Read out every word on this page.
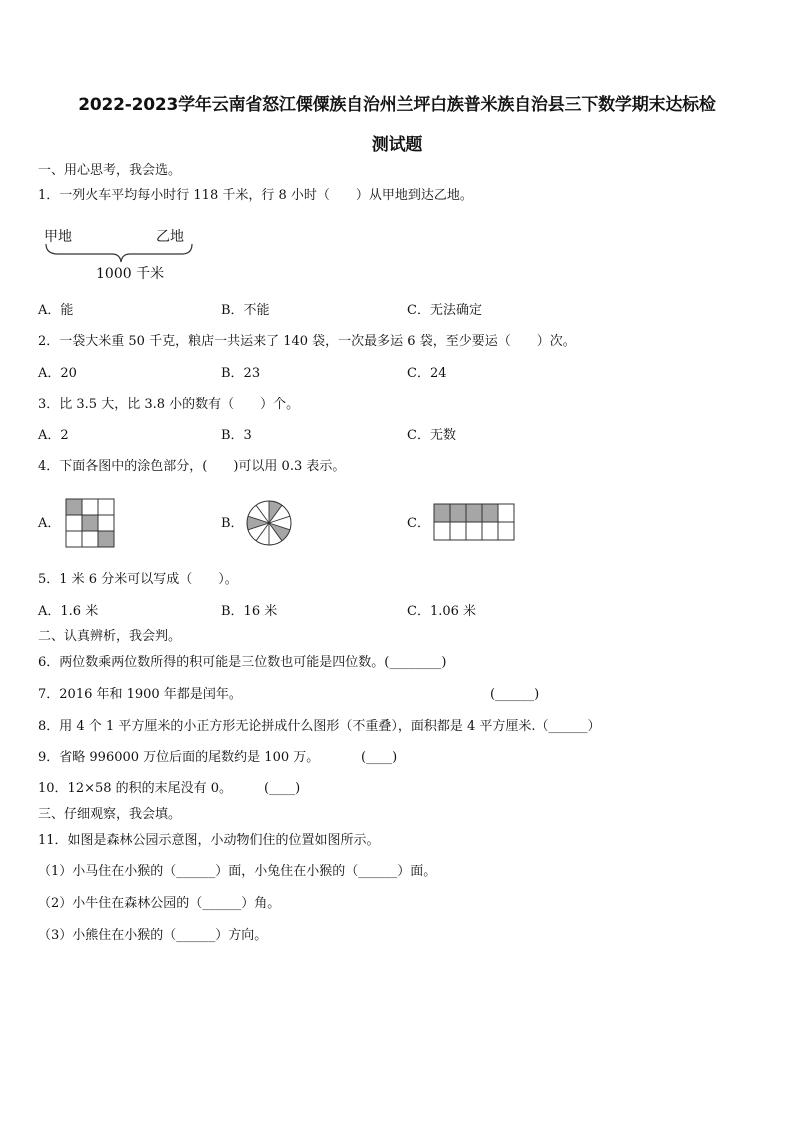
2022-2023学年云南省怒江傈僳族自治州兰坪白族普米族自治县三下数学期末达标检
测试题
一、用心思考，我会选。
1．一列火车平均每小时行 118 千米，行 8 小时（　　）从甲地到达乙地。
甲地	乙地
1000 千米
A．能	B．不能	C．无法确定
2．一袋大米重 50 千克，粮店一共运来了 140 袋，一次最多运 6 袋，至少要运（　　）次。
A．20	B．23	C．24
3．比 3.5 大，比 3.8 小的数有（　　）个。
A．2	B．3	C．无数
4．下面各图中的涂色部分，(　　)可以用 0.3 表示。
A．	B．	C．
5．1 米 6 分米可以写成（　　）。
A．1.6 米	B．16 米	C．1.06 米
二、认真辨析，我会判。
6．两位数乘两位数所得的积可能是三位数也可能是四位数。(________)
7．2016 年和 1900 年都是闰年。	(______)
8．用 4 个 1 平方厘米的小正方形无论拼成什么图形（不重叠），面积都是 4 平方厘米.（______）
9．省略 996000 万位后面的尾数约是 100 万。	(____)
10．12×58 的积的末尾没有 0。 (____)
三、仔细观察，我会填。
11．如图是森林公园示意图，小动物们住的位置如图所示。
（1）小马住在小猴的（______）面，小兔住在小猴的（______）面。
（2）小牛住在森林公园的（______）角。
（3）小熊住在小猴的（______）方向。
